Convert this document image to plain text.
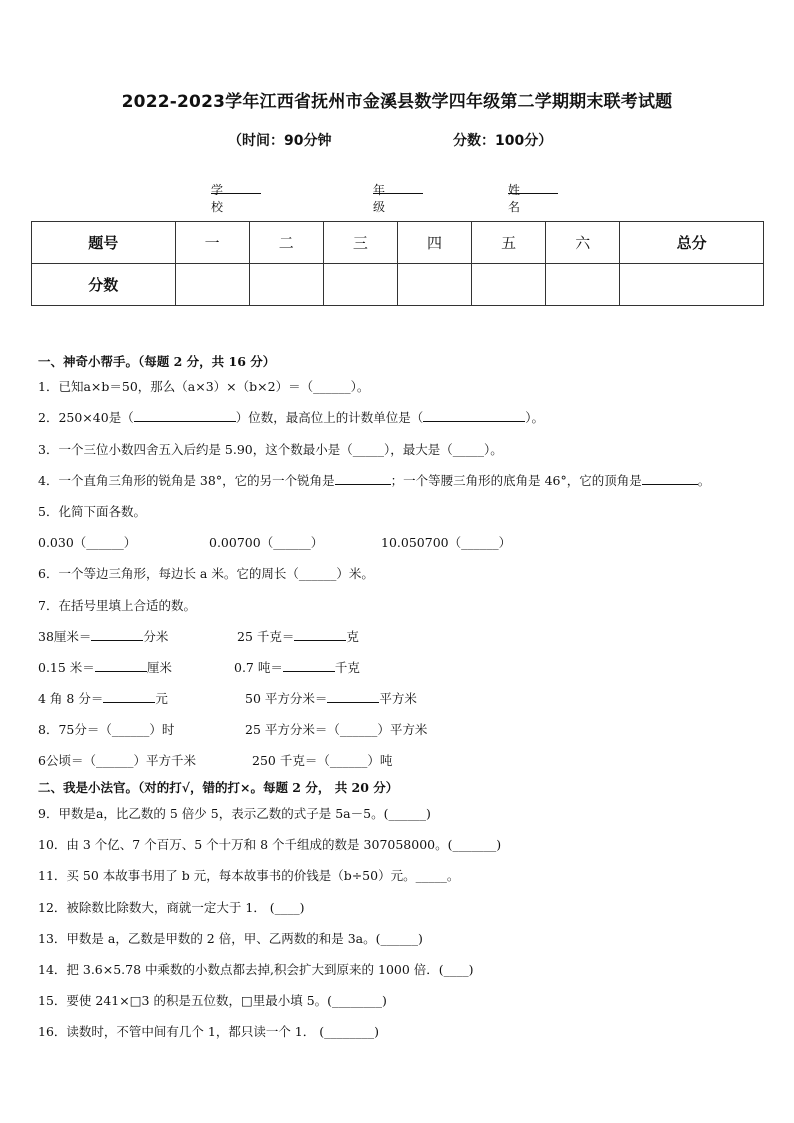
2022-2023学年江西省抚州市金溪县数学四年级第二学期期末联考试题
（时间：90分钟	分数：100分）
学校
年级
姓名
题号	一	二	三	四	五	六	总分
分数							
一、神奇小帮手。（每题 2 分，共 16 分）
1．已知a×b＝50，那么（a×3）×（b×2）＝（______）。
2．250×40是（	）位数，最高位上的计数单位是（	）。
3．一个三位小数四舍五入后约是 5.90，这个数最小是（_____），最大是（_____）。
4．一个直角三角形的锐角是 38°，它的另一个锐角是	；一个等腰三角形的底角是 46°，它的顶角是	。
5．化简下面各数。
0.030（______）	0.00700（______）	10.050700（______）
6．一个等边三角形，每边长 a 米。它的周长（______）米。
7．在括号里填上合适的数。
38厘米＝	分米	25 千克＝	克
0.15 米＝	厘米	0.7 吨＝	千克
4 角 8 分＝	元	50 平方分米＝	平方米
8．75分＝（______）时	25 平方分米＝（______）平方米
6公顷＝（______）平方千米	250 千克＝（______）吨
二、我是小法官。（对的打√，错的打×。每题 2 分， 共 20 分）
9．甲数是a，比乙数的 5 倍少 5，表示乙数的式子是 5a－5。(______)
10．由 3 个亿、7 个百万、5 个十万和 8 个千组成的数是 307058000。(_______)
11．买 50 本故事书用了 b 元，每本故事书的价钱是（b÷50）元。_____。
12．被除数比除数大，商就一定大于 1． (____)
13．甲数是 a，乙数是甲数的 2 倍，甲、乙两数的和是 3a。(______)
14．把 3.6×5.78 中乘数的小数点都去掉,积会扩大到原来的 1000 倍．(____)
15．要使 241×□3 的积是五位数，□里最小填 5。(________)
16．读数时，不管中间有几个 1，都只读一个 1． (________)
